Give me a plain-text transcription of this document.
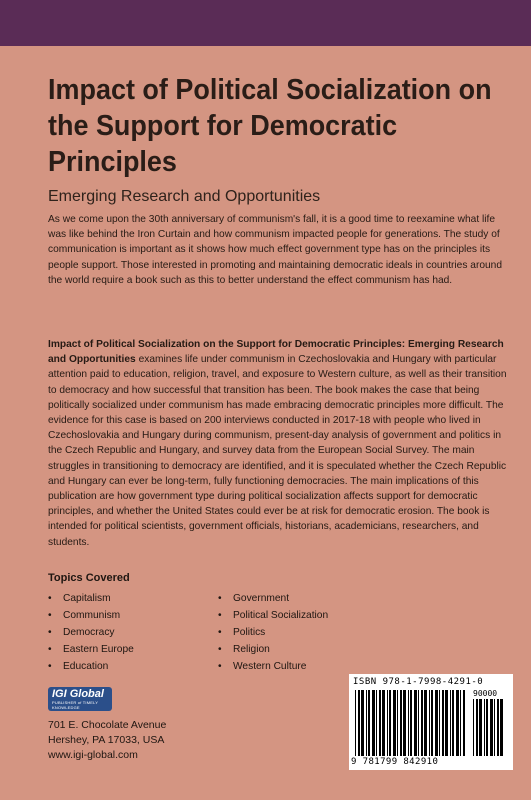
Impact of Political Socialization on the Support for Democratic Principles

Emerging Research and Opportunities

As we come upon the 30th anniversary of communism's fall, it is a good time to reexamine what life was like behind the Iron Curtain and how communism impacted people for generations. The study of communication is important as it shows how much effect government type has on the principles its people support. Those interested in promoting and maintaining democratic ideals in countries around the world require a book such as this to better understand the effect communism has had.

Impact of Political Socialization on the Support for Democratic Principles: Emerging Research and Opportunities examines life under communism in Czechoslovakia and Hungary with particular attention paid to education, religion, travel, and exposure to Western culture, as well as their transition to democracy and how successful that transition has been. The book makes the case that being politically socialized under communism has made embracing democratic principles more difficult. The evidence for this case is based on 200 interviews conducted in 2017-18 with people who lived in Czechoslovakia and Hungary during communism, present-day analysis of government and politics in the Czech Republic and Hungary, and survey data from the European Social Survey. The main struggles in transitioning to democracy are identified, and it is speculated whether the Czech Republic and Hungary can ever be long-term, fully functioning democracies. The main implications of this publication are how government type during political socialization affects support for democratic principles, and whether the United States could ever be at risk for democratic erosion. The book is intended for political scientists, government officials, historians, academicians, researchers, and students.

Topics Covered

• Capitalism	• Government
• Communism	• Political Socialization
• Democracy	• Politics
• Eastern Europe	• Religion
• Education	• Western Culture
IGI Global
PUBLISHER of TIMELY KNOWLEDGE
701 E. Chocolate Avenue
Hershey, PA 17033, USA
www.igi-global.com
ISBN 978-1-7998-4291-0
90000
9 781799 842910
